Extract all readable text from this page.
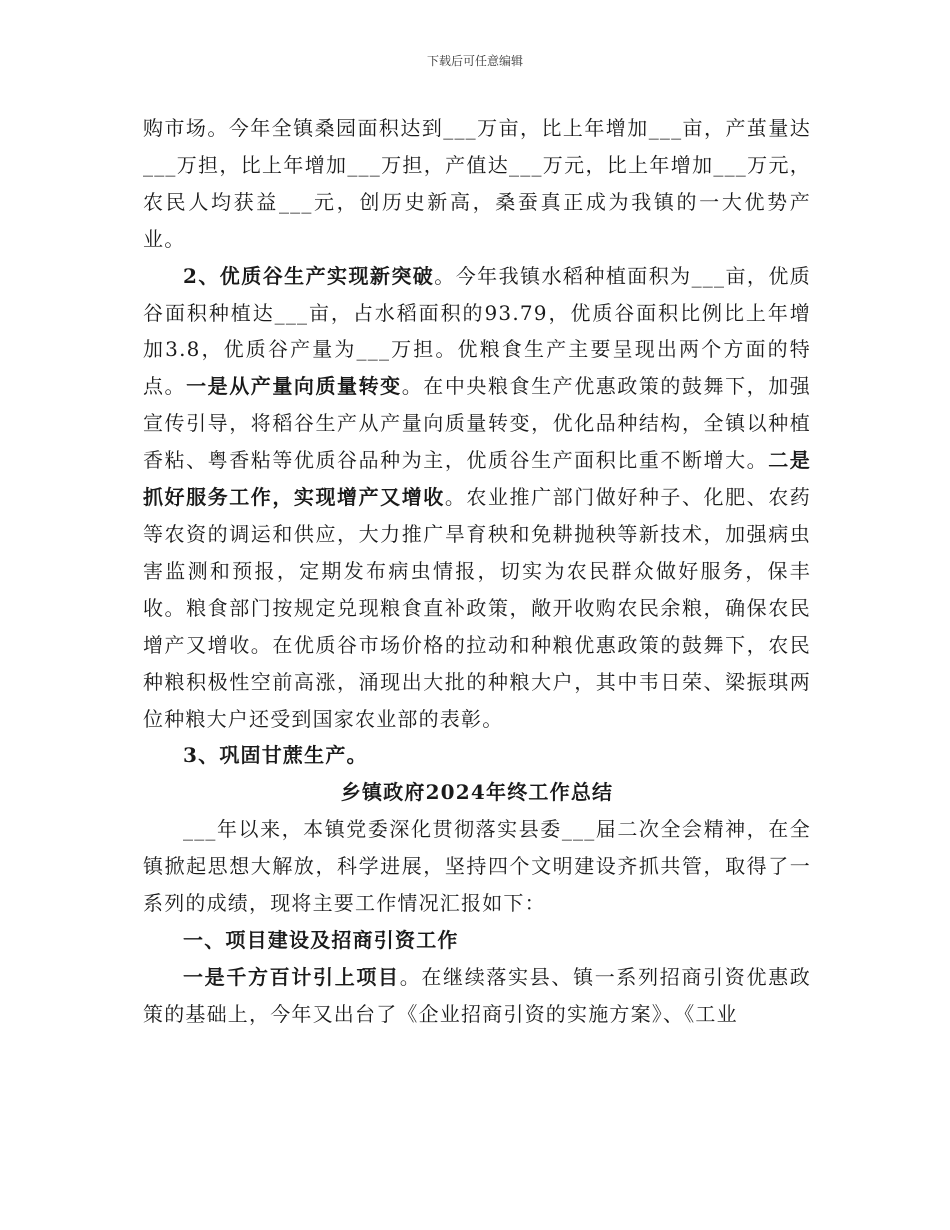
下载后可任意编辑

购市场。今年全镇桑园面积达到___万亩，比上年增加___亩，产茧量达___万担，比上年增加___万担，产值达___万元，比上年增加___万元，农民人均获益___元，创历史新高，桑蚕真正成为我镇的一大优势产业。

2、优质谷生产实现新突破。今年我镇水稻种植面积为___亩，优质谷面积种植达___亩，占水稻面积的93.79，优质谷面积比例比上年增加3.8，优质谷产量为___万担。优粮食生产主要呈现出两个方面的特点。一是从产量向质量转变。在中央粮食生产优惠政策的鼓舞下，加强宣传引导，将稻谷生产从产量向质量转变，优化品种结构，全镇以种植香粘、粤香粘等优质谷品种为主，优质谷生产面积比重不断增大。二是抓好服务工作，实现增产又增收。农业推广部门做好种子、化肥、农药等农资的调运和供应，大力推广旱育秧和免耕抛秧等新技术，加强病虫害监测和预报，定期发布病虫情报，切实为农民群众做好服务，保丰收。粮食部门按规定兑现粮食直补政策，敞开收购农民余粮，确保农民增产又增收。在优质谷市场价格的拉动和种粮优惠政策的鼓舞下，农民种粮积极性空前高涨，涌现出大批的种粮大户，其中韦日荣、梁振琪两位种粮大户还受到国家农业部的表彰。

3、巩固甘蔗生产。

乡镇政府2024年终工作总结

___年以来，本镇党委深化贯彻落实县委___届二次全会精神，在全镇掀起思想大解放，科学进展，坚持四个文明建设齐抓共管，取得了一系列的成绩，现将主要工作情况汇报如下：

一、项目建设及招商引资工作

一是千方百计引上项目。在继续落实县、镇一系列招商引资优惠政策的基础上，今年又出台了《企业招商引资的实施方案》、《工业
